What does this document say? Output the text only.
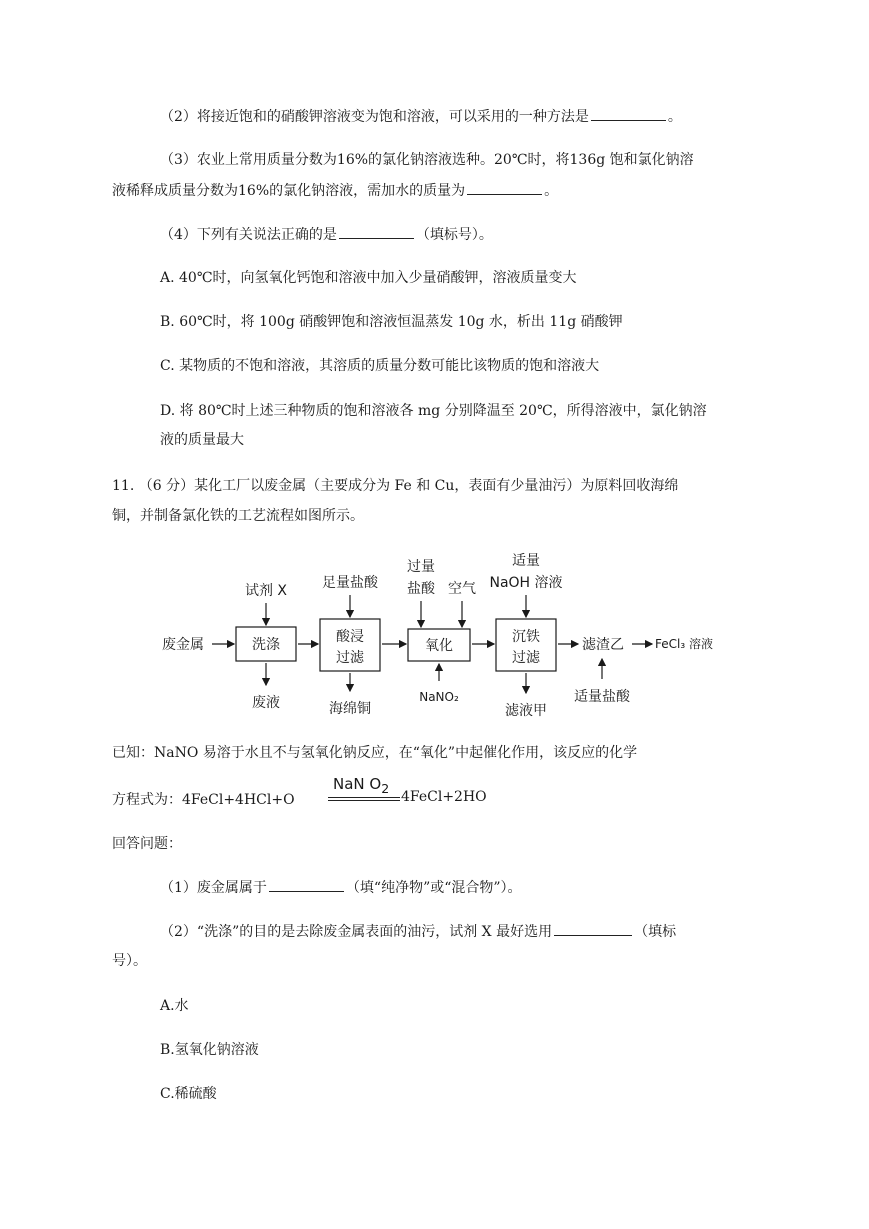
（2）将接近饱和的硝酸钾溶液变为饱和溶液，可以采用的一种方法是	。
（3）农业上常用质量分数为16%的氯化钠溶液选种。20℃时，将136g 饱和氯化钠溶
液稀释成质量分数为16%的氯化钠溶液，需加水的质量为	。
（4）下列有关说法正确的是	（填标号）。
A. 40℃时，向氢氧化钙饱和溶液中加入少量硝酸钾，溶液质量变大
B. 60℃时，将 100g 硝酸钾饱和溶液恒温蒸发 10g 水，析出 11g 硝酸钾
C. 某物质的不饱和溶液，其溶质的质量分数可能比该物质的饱和溶液大
D. 将 80℃时上述三种物质的饱和溶液各 mg 分别降温至 20℃，所得溶液中，氯化钠溶
液的质量最大
11. （6 分）某化工厂以废金属（主要成分为 Fe 和 Cu，表面有少量油污）为原料回收海绵
铜，并制备氯化铁的工艺流程如图所示。
废金属	洗涤
试剂 X
废液
酸浸
过滤
足量盐酸
海绵铜
氧化
过量
盐酸 空气
NaNO₂
沉铁
过滤
适量
NaOH 溶液
滤液甲
滤渣乙
适量盐酸
FeCl₃ 溶液
已知：NaNO 易溶于水且不与氢氧化钠反应，在“氧化”中起催化作用，该反应的化学
方程式为：4FeCl+4HCl+O
NaN $O_2$
4FeCl+2HO
回答问题：
（1）废金属属于	（填“纯净物”或“混合物”）。
（2）“洗涤”的目的是去除废金属表面的油污，试剂 X 最好选用	（填标
号）。
A.水
B.氢氧化钠溶液
C.稀硫酸
